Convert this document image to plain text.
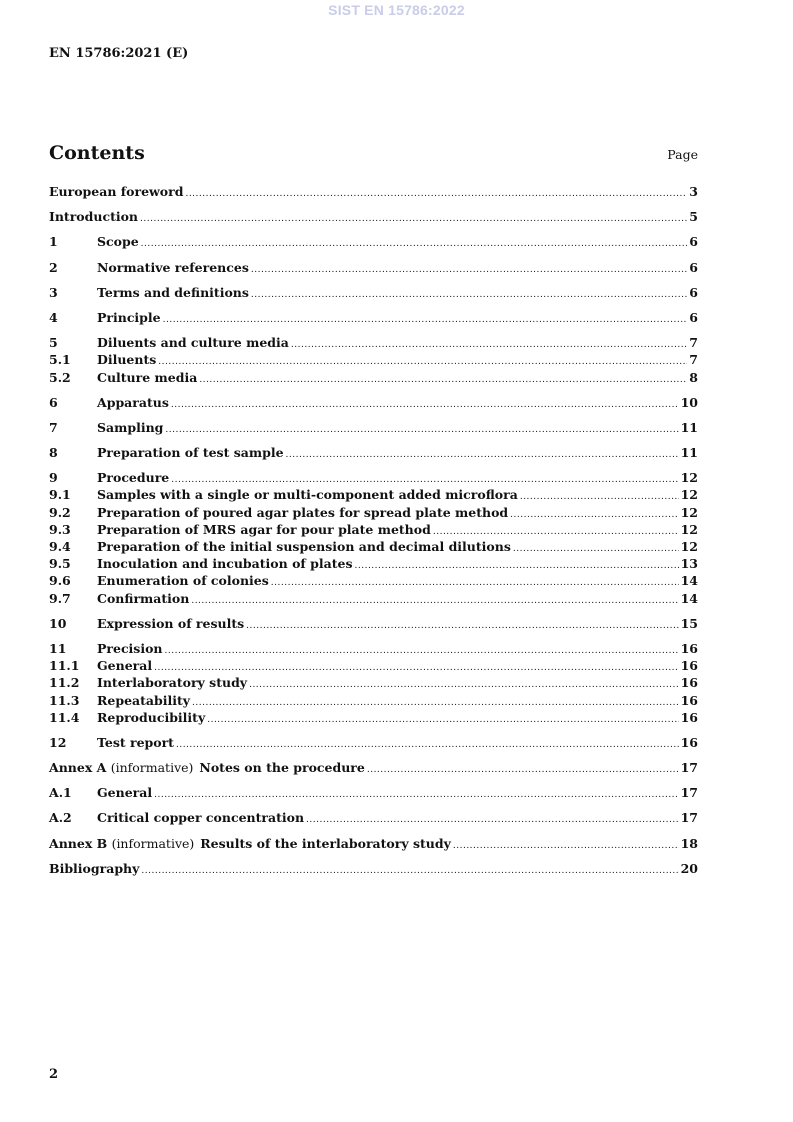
SIST EN 15786:2022
EN 15786:2021 (E)
Contents	Page
European foreword .....	3
Introduction .....	5
1	Scope .....	6
2	Normative references .....	6
3	Terms and definitions .....	6
4	Principle .....	6
5	Diluents and culture media .....	7
5.1	Diluents .....	7
5.2	Culture media .....	8
6	Apparatus .....	10
7	Sampling .....	11
8	Preparation of test sample .....	11
9	Procedure .....	12
9.1	Samples with a single or multi-component added microflora .....	12
9.2	Preparation of poured agar plates for spread plate method .....	12
9.3	Preparation of MRS agar for pour plate method .....	12
9.4	Preparation of the initial suspension and decimal dilutions .....	12
9.5	Inoculation and incubation of plates .....	13
9.6	Enumeration of colonies .....	14
9.7	Confirmation .....	14
10	Expression of results .....	15
11	Precision .....	16
11.1	General .....	16
11.2	Interlaboratory study .....	16
11.3	Repeatability .....	16
11.4	Reproducibility .....	16
12	Test report .....	16
Annex A (informative) Notes on the procedure .....	17
A.1	General .....	17
A.2	Critical copper concentration .....	17
Annex B (informative) Results of the interlaboratory study .....	18
Bibliography .....	20
2
